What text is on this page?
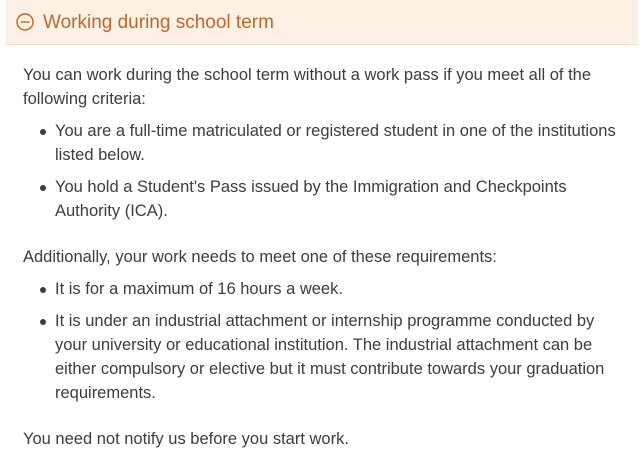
Working during school term

You can work during the school term without a work pass if you meet all of the following criteria:

You are a full-time matriculated or registered student in one of the institutions listed below.
You hold a Student's Pass issued by the Immigration and Checkpoints Authority (ICA).

Additionally, your work needs to meet one of these requirements:

It is for a maximum of 16 hours a week.
It is under an industrial attachment or internship programme conducted by your university or educational institution. The industrial attachment can be either compulsory or elective but it must contribute towards your graduation requirements.

You need not notify us before you start work.
